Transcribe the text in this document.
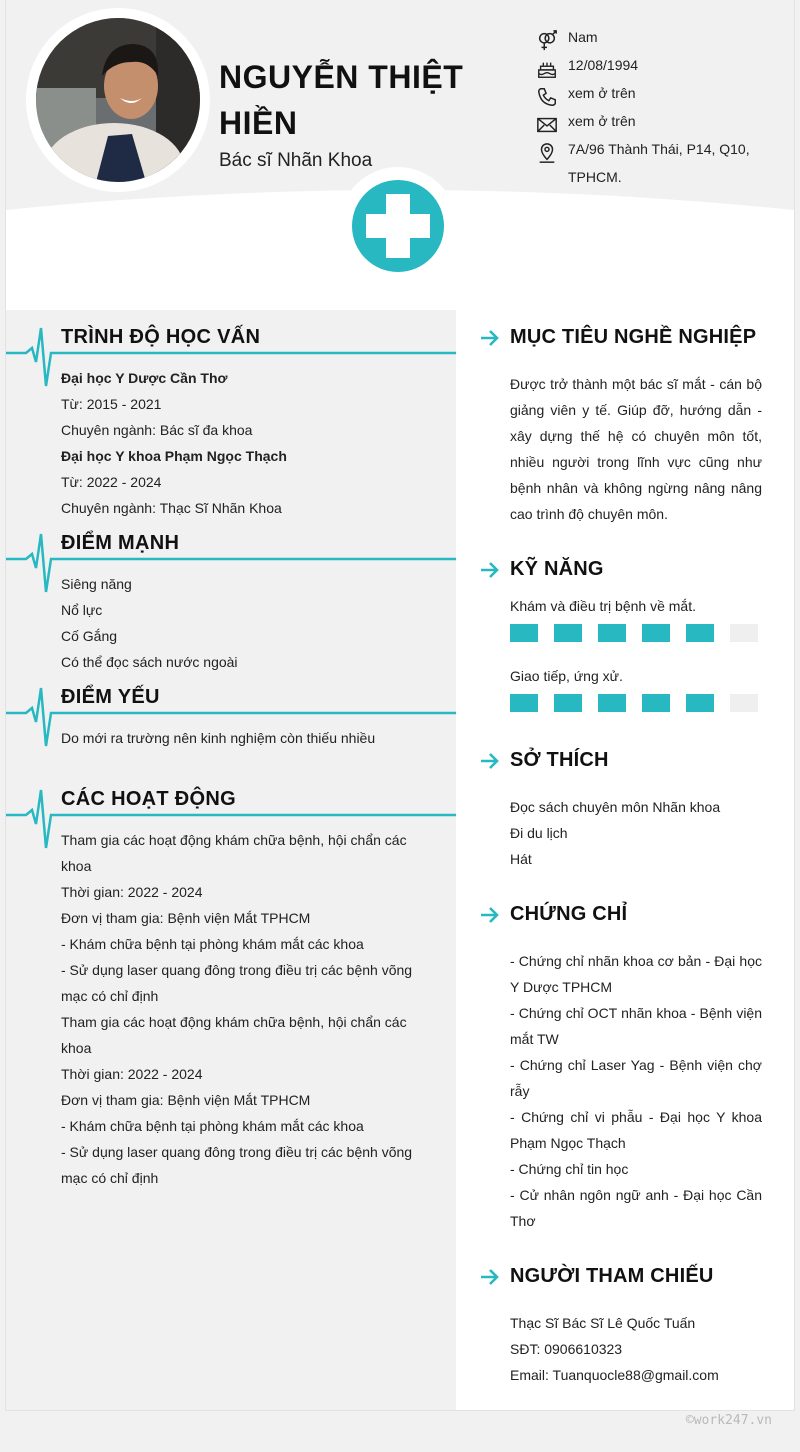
NGUYỄN THIỆT
HIỀN
Bác sĩ Nhãn Khoa
Nam
12/08/1994
xem ở trên
xem ở trên
7A/96 Thành Thái, P14, Q10,
TPHCM.
TRÌNH ĐỘ HỌC VẤN
Đại học Y Dược Cần Thơ
Từ: 2015 - 2021
Chuyên ngành: Bác sĩ đa khoa
Đại học Y khoa Phạm Ngọc Thạch
Từ: 2022 - 2024
Chuyên ngành: Thạc Sĩ Nhãn Khoa
ĐIỂM MẠNH
Siêng năng
Nổ lực
Cố Gắng
Có thể đọc sách nước ngoài
ĐIỂM YẾU
Do mới ra trường nên kinh nghiệm còn thiếu nhiều
CÁC HOẠT ĐỘNG
Tham gia các hoạt động khám chữa bệnh, hội chẩn các
khoa
Thời gian: 2022 - 2024
Đơn vị tham gia: Bệnh viện Mắt TPHCM
- Khám chữa bệnh tại phòng khám mắt các khoa
- Sử dụng laser quang đông trong điều trị các bệnh võng
mạc có chỉ định
Tham gia các hoạt động khám chữa bệnh, hội chẩn các
khoa
Thời gian: 2022 - 2024
Đơn vị tham gia: Bệnh viện Mắt TPHCM
- Khám chữa bệnh tại phòng khám mắt các khoa
- Sử dụng laser quang đông trong điều trị các bệnh võng
mạc có chỉ định
MỤC TIÊU NGHỀ NGHIỆP
Được trở thành một bác sĩ mắt - cán bộ giảng viên y tế. Giúp đỡ, hướng dẫn - xây dựng thế hệ có chuyên môn tốt, nhiều người trong lĩnh vực cũng như bệnh nhân và không ngừng nâng nâng cao trình độ chuyên môn.
KỸ NĂNG
Khám và điều trị bệnh về mắt.
Giao tiếp, ứng xử.
SỞ THÍCH
Đọc sách chuyên môn Nhãn khoa
Đi du lịch
Hát
CHỨNG CHỈ
- Chứng chỉ nhãn khoa cơ bản - Đại học Y Dược TPHCM
- Chứng chỉ OCT nhãn khoa - Bệnh viện mắt TW
- Chứng chỉ Laser Yag - Bệnh viện chợ rẫy
- Chứng chỉ vi phẫu - Đại học Y khoa Phạm Ngọc Thạch
- Chứng chỉ tin học
- Cử nhân ngôn ngữ anh - Đại học Cần Thơ
NGƯỜI THAM CHIẾU
Thạc Sĩ Bác Sĩ Lê Quốc Tuấn
SĐT: 0906610323
Email: Tuanquocle88@gmail.com
©work247.vn
